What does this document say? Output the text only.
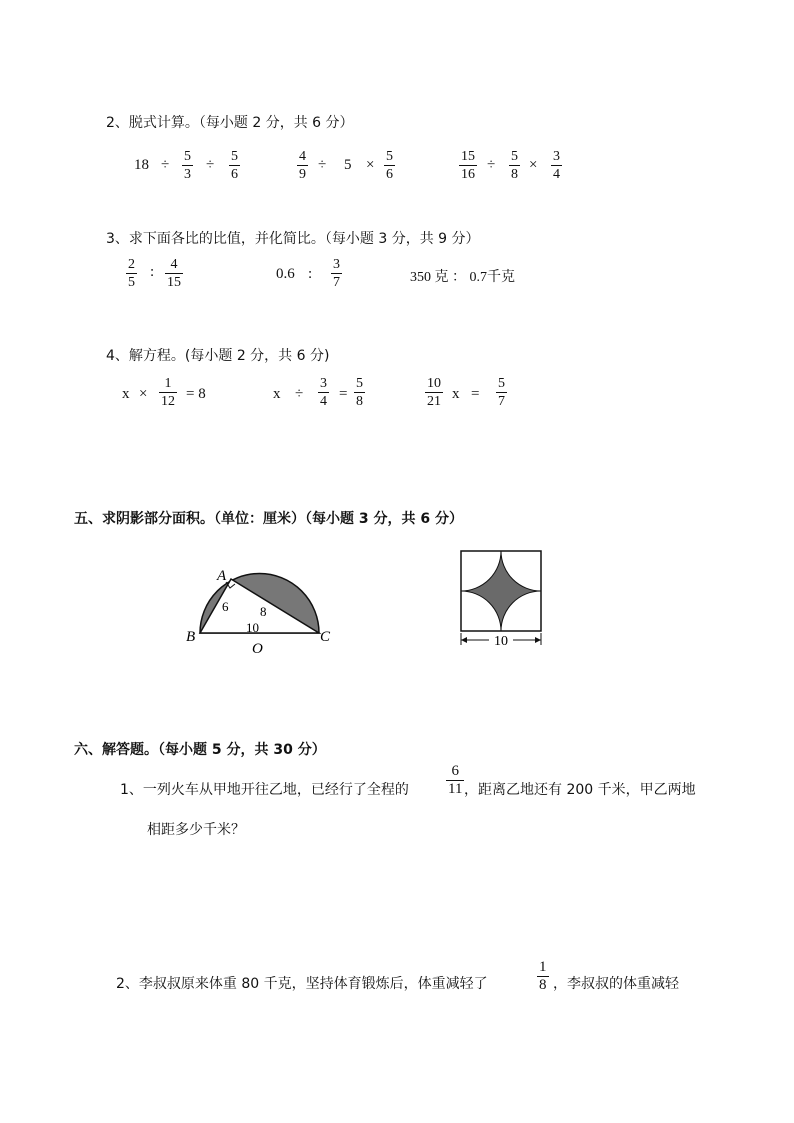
2、脱式计算。（每小题 2 分，共 6 分）
$18 \div \frac{5}{3} \div \frac{5}{6}$	$\frac{4}{9} \div 5 \times \frac{5}{6}$	$\frac{15}{16} \div \frac{5}{8} \times \frac{3}{4}$
3、求下面各比的比值，并化简比。（每小题 3 分，共 9 分）
$\frac{2}{5}$ : $\frac{4}{15}$	0.6 : $\frac{3}{7}$	350 克 ： 0.7千克
4、解方程。(每小题 2 分，共 6 分)
$x \times \frac{1}{12} = 8$	$x \div \frac{3}{4} = \frac{5}{8}$	$\frac{10}{21}$ $x = \frac{5}{7}$
五、求阴影部分面积。（单位：厘米）（每小题 3 分，共 6 分）
A
B	C
O
6 8
10
10
六、解答题。（每小题 5 分，共 30 分）
1、一列火车从甲地开往乙地，已经行了全程的 $\frac{6}{11}$ ，距离乙地还有 200 千米，甲乙两地
相距多少千米？
2、李叔叔原来体重 80 千克，坚持体育锻炼后，体重减轻了	$\frac{1}{8}$ ，李叔叔的体重减轻
